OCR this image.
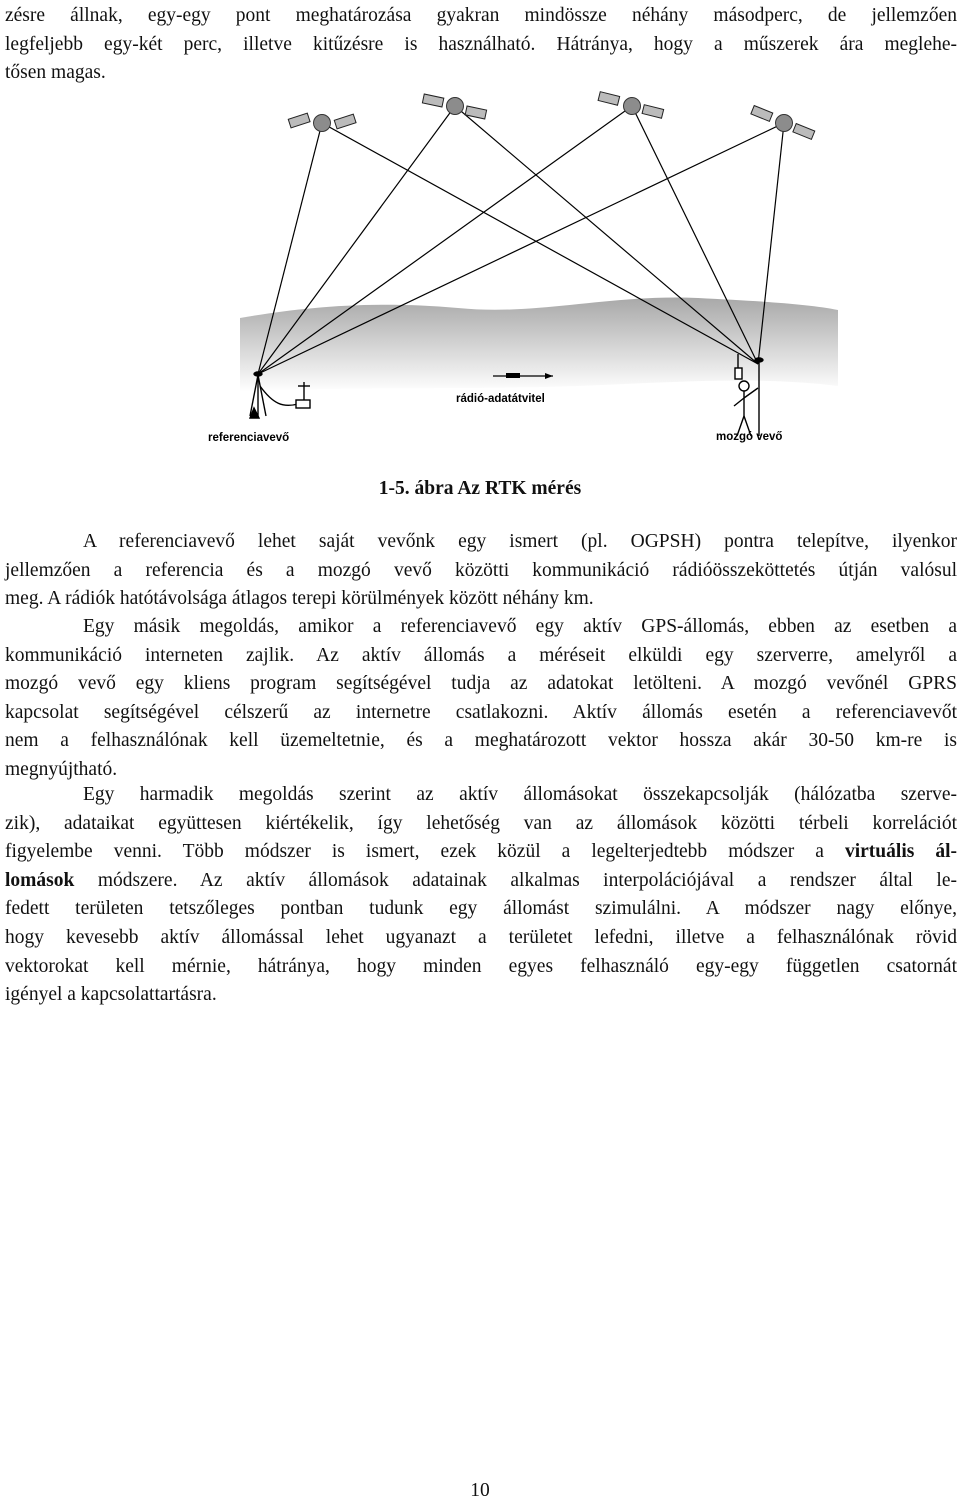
zésre állnak, egy-egy pont meghatározása gyakran mindössze néhány másodperc, de jellemzően
legfeljebb egy-két perc, illetve kitűzésre is használható. Hátránya, hogy a műszerek ára meglehe-
tősen magas.
referenciavevő
rádió-adatátvitel
mozgó vevő

1-5. ábra Az RTK mérés

A referenciavevő lehet saját vevőnk egy ismert (pl. OGPSH) pontra telepítve, ilyenkor
jellemzően a referencia és a mozgó vevő közötti kommunikáció rádióösszeköttetés útján valósul
meg. A rádiók hatótávolsága átlagos terepi körülmények között néhány km.
Egy másik megoldás, amikor a referenciavevő egy aktív GPS-állomás, ebben az esetben a
kommunikáció interneten zajlik. Az aktív állomás a méréseit elküldi egy szerverre, amelyről a
mozgó vevő egy kliens program segítségével tudja az adatokat letölteni. A mozgó vevőnél GPRS
kapcsolat segítségével célszerű az internetre csatlakozni. Aktív állomás esetén a referenciavevőt
nem a felhasználónak kell üzemeltetnie, és a meghatározott vektor hossza akár 30-50 km-re is
megnyújtható.
Egy harmadik megoldás szerint az aktív állomásokat összekapcsolják (hálózatba szerve-
zik), adataikat együttesen kiértékelik, így lehetőség van az állomások közötti térbeli korrelációt
figyelembe venni. Több módszer is ismert, ezek közül a legelterjedtebb módszer a virtuális ál-
lomások módszere. Az aktív állomások adatainak alkalmas interpolációjával a rendszer által le-
fedett területen tetszőleges pontban tudunk egy állomást szimulálni. A módszer nagy előnye,
hogy kevesebb aktív állomással lehet ugyanazt a területet lefedni, illetve a felhasználónak rövid
vektorokat kell mérnie, hátránya, hogy minden egyes felhasználó egy-egy független csatornát
igényel a kapcsolattartásra.

10
